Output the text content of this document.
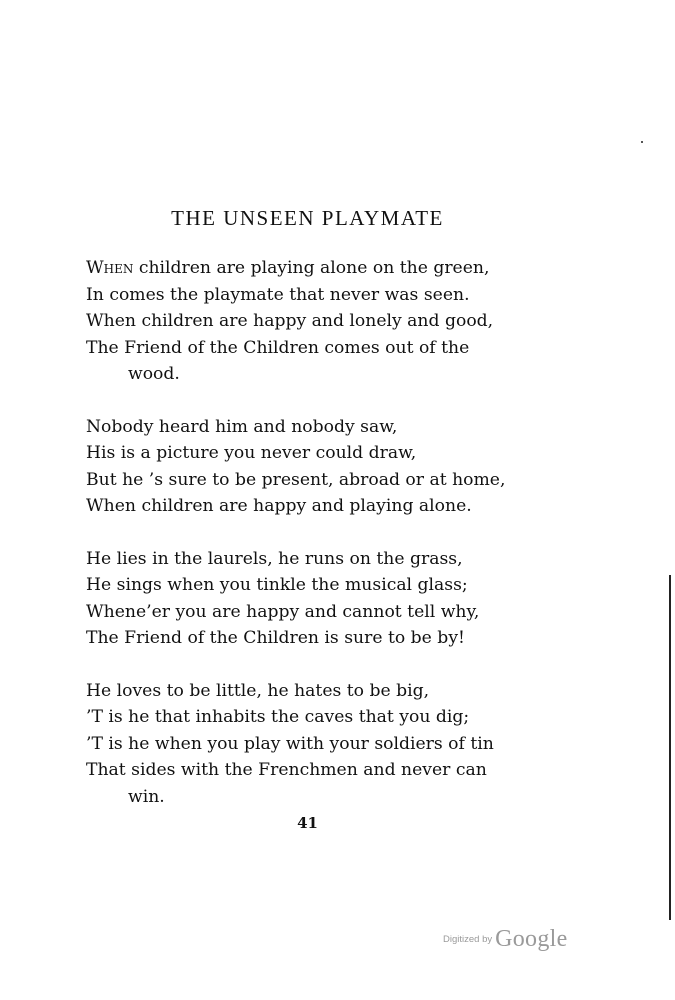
THE UNSEEN PLAYMATE
When children are playing alone on the green,
In comes the playmate that never was seen.
When children are happy and lonely and good,
The Friend of the Children comes out of the
wood.
Nobody heard him and nobody saw,
His is a picture you never could draw,
But he ’s sure to be present, abroad or at home,
When children are happy and playing alone.
He lies in the laurels, he runs on the grass,
He sings when you tinkle the musical glass;
Whene’er you are happy and cannot tell why,
The Friend of the Children is sure to be by!
He loves to be little, he hates to be big,
’T is he that inhabits the caves that you dig;
’T is he when you play with your soldiers of tin
That sides with the Frenchmen and never can
win.
41
Digitized by Google
